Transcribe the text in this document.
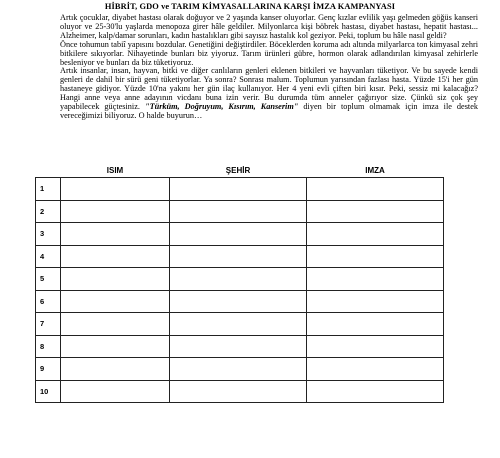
HİBRİT, GDO ve TARIM KİMYASALLARINA KARŞI İMZA KAMPANYASI

Artık çocuklar, diyabet hastası olarak doğuyor ve 2 yaşında kanser oluyorlar. Genç kızlar evlilik yaşı gelmeden göğüs kanseri oluyor ve 25-30'lu yaşlarda menopoza girer hâle geldiler. Milyonlarca kişi böbrek hastası, diyabet hastası, hepatit hastası... Alzheimer, kalp/damar sorunları, kadın hastalıkları gibi sayısız hastalık kol geziyor. Peki, toplum bu hâle nasıl geldi?

Önce tohumun tabiî yapısını bozdular. Genetiğini değiştirdiler. Böceklerden koruma adı altında milyarlarca ton kimyasal zehri bitkilere sıkıyorlar. Nihayetinde bunları biz yiyoruz. Tarım ürünleri gübre, hormon olarak adlandırılan kimyasal zehirlerle besleniyor ve bunları da biz tüketiyoruz.

Artık insanlar, insan, hayvan, bitki ve diğer canlıların genleri eklenen bitkileri ve hayvanları tüketiyor. Ve bu sayede kendi genleri de dahil bir sürü geni tüketiyorlar. Ya sonra? Sonrası malum. Toplumun yarısından fazlası hasta. Yüzde 15'i her gün hastaneye gidiyor. Yüzde 10'na yakını her gün ilaç kullanıyor. Her 4 yeni evli çiften biri kısır. Peki, sessiz mi kalacağız? Hangi anne veya anne adayının vicdanı buna izin verir. Bu durumda tüm anneler çağırıyor size. Çünkü siz çok şey yapabilecek güçtesiniz. "Türküm, Doğruyum, Kısırım, Kanserim" diyen bir toplum olmamak için imza ile destek vereceğimizi biliyoruz. O halde buyurun…

	ISIM	ŞEHİR	IMZA
1			
2			
3			
4			
5			
6			
7			
8			
9			
10			
